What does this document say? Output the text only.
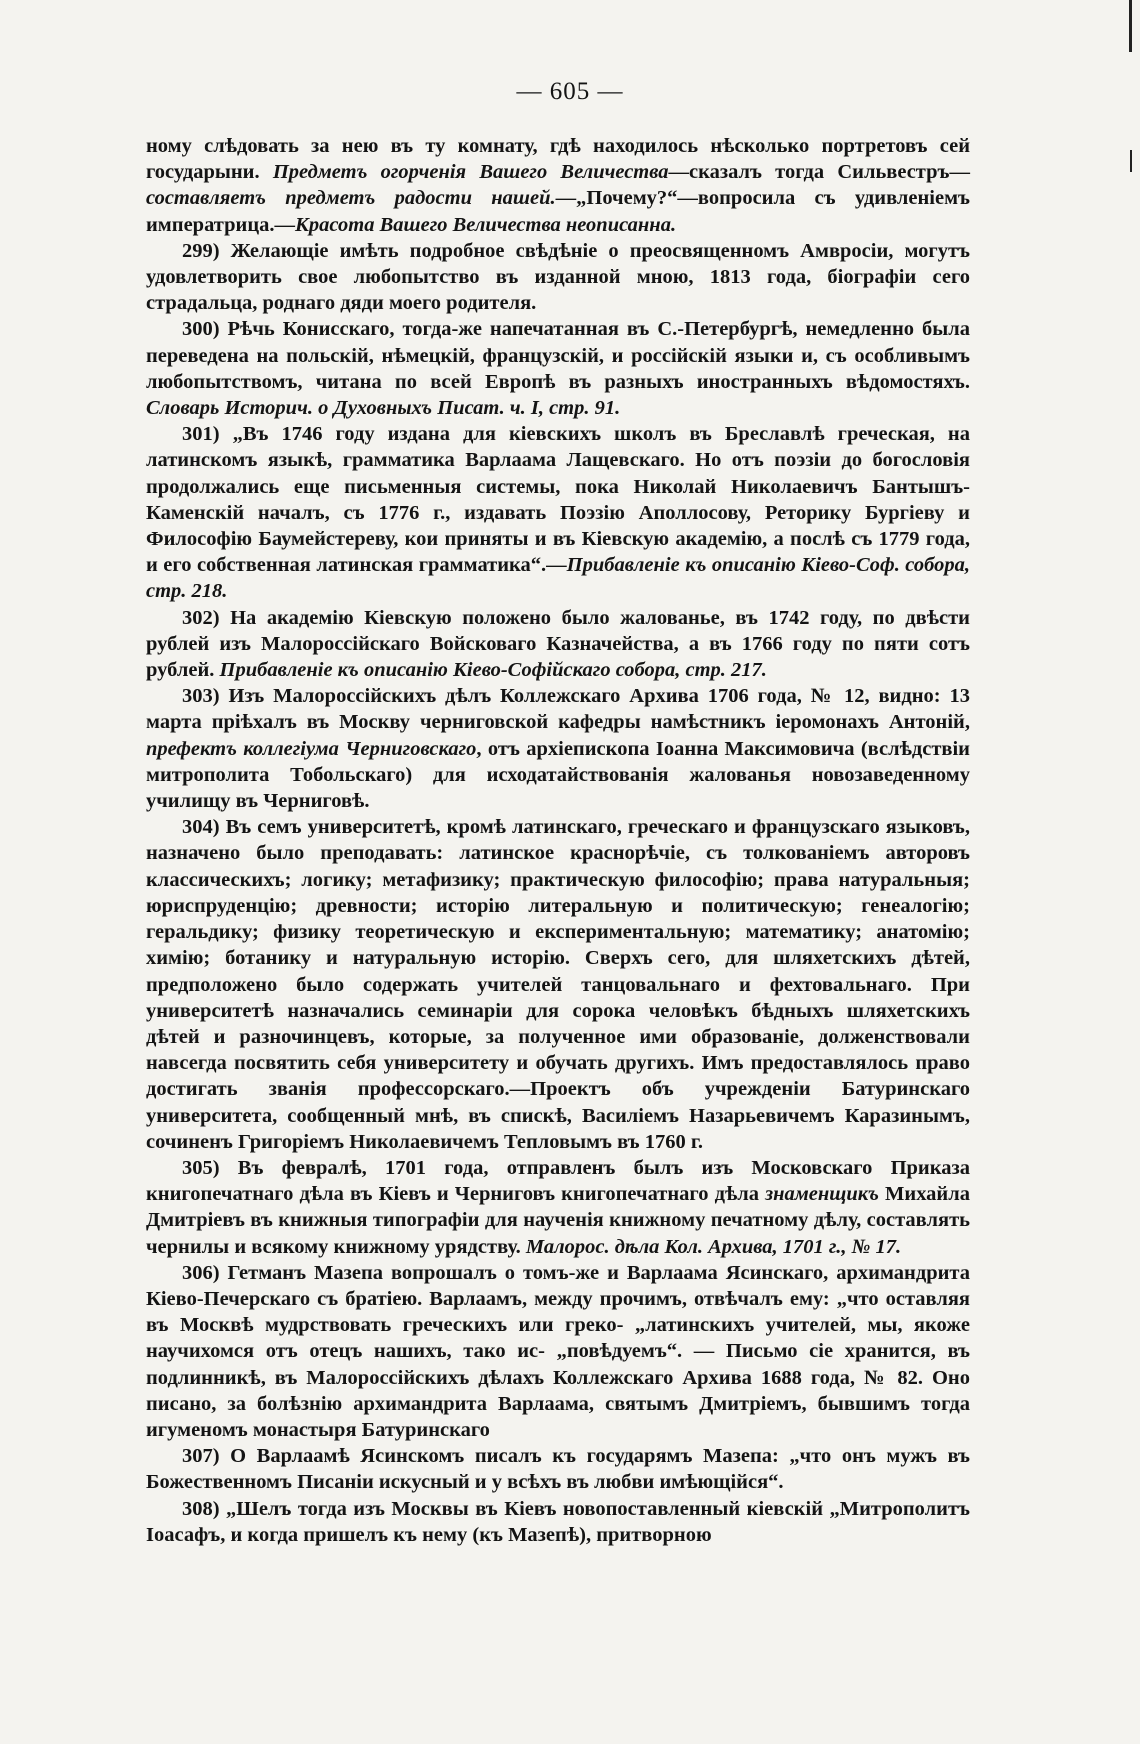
— 605 —

ному слѣдовать за нею въ ту комнату, гдѣ находилось нѣсколько портретовъ сей государыни. Предметъ огорченія Вашего Величества—сказалъ тогда Сильвестръ—составляетъ предметъ радости нашей.—„Почему?“—вопросила съ удивленіемъ императрица.—Красота Вашего Величества неописанна.

299) Желающіе имѣть подробное свѣдѣніе о преосвященномъ Амвросіи, могутъ удовлетворить свое любопытство въ изданной мною, 1813 года, біографіи сего страдальца, роднаго дяди моего родителя.

300) Рѣчь Конисскаго, тогда-же напечатанная въ С.-Петербургѣ, немедленно была переведена на польскій, нѣмецкій, французскій, и россійскій языки и, съ особливымъ любопытствомъ, читана по всей Европѣ въ разныхъ иностранныхъ вѣдомостяхъ. Словарь Историч. о Духовныхъ Писат. ч. I, стр. 91.

301) „Въ 1746 году издана для кіевскихъ школъ въ Бреславлѣ греческая, на латинскомъ языкѣ, грамматика Варлаама Лащевскаго. Но отъ поэзіи до богословія продолжались еще письменныя системы, пока Николай Николаевичъ Бантышъ-Каменскій началъ, съ 1776 г., издавать Поэзію Аполлосову, Реторику Бургіеву и Философію Баумейстереву, кои приняты и въ Кіевскую академію, а послѣ съ 1779 года, и его собственная латинская грамматика“.—Прибавленіе къ описанію Кіево-Соф. собора, стр. 218.

302) На академію Кіевскую положено было жалованье, въ 1742 году, по двѣсти рублей изъ Малороссійскаго Войсковаго Казначейства, а въ 1766 году по пяти сотъ рублей. Прибавленіе къ описанію Кіево-Софійскаго собора, стр. 217.

303) Изъ Малороссійскихъ дѣлъ Коллежскаго Архива 1706 года, № 12, видно: 13 марта пріѣхалъ въ Москву черниговской кафедры намѣстникъ іеромонахъ Антоній, префектъ коллегіума Черниговскаго, отъ архіепископа Іоанна Максимовича (вслѣдствіи митрополита Тобольскаго) для исходатайствованія жалованья новозаведенному училищу въ Черниговѣ.

304) Въ семъ университетѣ, кромѣ латинскаго, греческаго и французскаго языковъ, назначено было преподавать: латинское краснорѣчіе, съ толкованіемъ авторовъ классическихъ; логику; метафизику; практическую философію; права натуральныя; юриспруденцію; древности; исторію литеральную и политическую; генеалогію; геральдику; физику теоретическую и експериментальную; математику; анатомію; химію; ботанику и натуральную исторію. Сверхъ сего, для шляхетскихъ дѣтей, предположено было содержать учителей танцовальнаго и фехтовальнаго. При университетѣ назначались семинаріи для сорока человѣкъ бѣдныхъ шляхетскихъ дѣтей и разночинцевъ, которые, за полученное ими образованіе, долженствовали навсегда посвятить себя университету и обучать другихъ. Имъ предоставлялось право достигать званія профессорскаго.—Проектъ объ учрежденіи Батуринскаго университета, сообщенный мнѣ, въ спискѣ, Василіемъ Назарьевичемъ Каразинымъ, сочиненъ Григоріемъ Николаевичемъ Тепловымъ въ 1760 г.

305) Въ февралѣ, 1701 года, отправленъ былъ изъ Московскаго Приказа книгопечатнаго дѣла въ Кіевъ и Черниговъ книгопечатнаго дѣла знаменщикъ Михайла Дмитріевъ въ книжныя типографіи для наученія книжному печатному дѣлу, составлять чернилы и всякому книжному урядству. Малорос. дѣла Кол. Архива, 1701 г., № 17.

306) Гетманъ Мазепа вопрошалъ о томъ-же и Варлаама Ясинскаго, архимандрита Кіево-Печерскаго съ братіею. Варлаамъ, между прочимъ, отвѣчалъ ему: „что оставляя въ Москвѣ мудрствовать греческихъ или греко- „латинскихъ учителей, мы, якоже научихомся отъ отецъ нашихъ, тако ис- „повѣдуемъ“. — Письмо сіе хранится, въ подлинникѣ, въ Малороссійскихъ дѣлахъ Коллежскаго Архива 1688 года, № 82. Оно писано, за болѣзнію архимандрита Варлаама, святымъ Дмитріемъ, бывшимъ тогда игуменомъ монастыря Батуринскаго

307) О Варлаамѣ Ясинскомъ писалъ къ государямъ Мазепа: „что онъ мужъ въ Божественномъ Писаніи искусный и у всѣхъ въ любви имѣющійся“.

308) „Шелъ тогда изъ Москвы въ Кіевъ новопоставленный кіевскій „Митрополитъ Іоасафъ, и когда пришелъ къ нему (къ Мазепѣ), притворною
